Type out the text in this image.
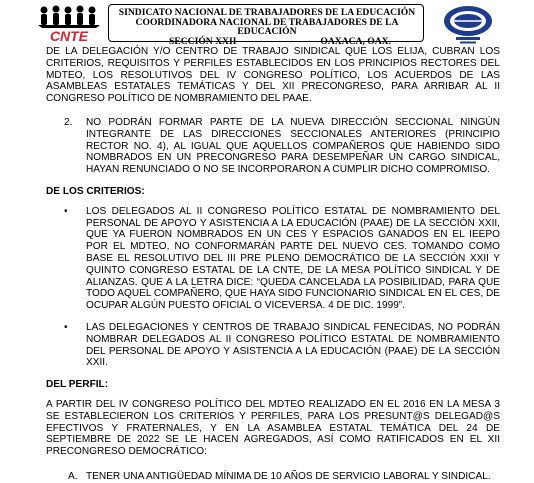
CNTE
SINDICATO NACIONAL DE TRABAJADORES DE LA EDUCACIÓN
COORDINADORA NACIONAL DE TRABAJADORES DE LA EDUCACIÓN
SECCIÓN XXII	OAXACA, OAX.

DE LA DELEGACIÓN Y/O CENTRO DE TRABAJO SINDICAL QUE LOS ELIJA, CUBRAN LOS CRITERIOS, REQUISITOS Y PERFILES ESTABLECIDOS EN LOS PRINCIPIOS RECTORES DEL MDTEO, LOS RESOLUTIVOS DEL IV CONGRESO POLÍTICO, LOS ACUERDOS DE LAS ASAMBLEAS ESTATALES TEMÁTICAS Y DEL XII PRECONGRESO, PARA ARRIBAR AL II CONGRESO POLÍTICO DE NOMBRAMIENTO DEL PAAE.

2. NO PODRÁN FORMAR PARTE DE LA NUEVA DIRECCIÓN SECCIONAL NINGÚN INTEGRANTE DE LAS DIRECCIONES SECCIONALES ANTERIORES (PRINCIPIO RECTOR NO. 4), AL IGUAL QUE AQUELLOS COMPAÑEROS QUE HABIENDO SIDO NOMBRADOS EN UN PRECONGRESO PARA DESEMPEÑAR UN CARGO SINDICAL, HAYAN RENUNCIADO O NO SE INCORPORARON A CUMPLIR DICHO COMPROMISO.

DE LOS CRITERIOS:
• LOS DELEGADOS AL II CONGRESO POLÍTICO ESTATAL DE NOMBRAMIENTO DEL PERSONAL DE APOYO Y ASISTENCIA A LA EDUCACIÓN (PAAE) DE LA SECCIÓN XXII, QUE YA FUERON NOMBRADOS EN UN CES Y ESPACIOS GANADOS EN EL IEEPO POR EL MDTEO, NO CONFORMARÁN PARTE DEL NUEVO CES. TOMANDO COMO BASE EL RESOLUTIVO DEL III PRE PLENO DEMOCRÁTICO DE LA SECCIÓN XXII Y QUINTO CONGRESO ESTATAL DE LA CNTE, DE LA MESA POLÍTICO SINDICAL Y DE ALIANZAS. QUE A LA LETRA DICE: “QUEDA CANCELADA LA POSIBILIDAD, PARA QUE TODO AQUEL COMPAÑERO, QUE HAYA SIDO FUNCIONARIO SINDICAL EN EL CES, DE OCUPAR ALGÚN PUESTO OFICIAL O VICEVERSA. 4 DE DIC. 1999”.

• LAS DELEGACIONES Y CENTROS DE TRABAJO SINDICAL FENECIDAS, NO PODRÁN NOMBRAR DELEGADOS AL II CONGRESO POLÍTICO ESTATAL DE NOMBRAMIENTO DEL PERSONAL DE APOYO Y ASISTENCIA A LA EDUCACIÓN (PAAE) DE LA SECCIÓN XXII.

DEL PERFIL:

A PARTIR DEL IV CONGRESO POLÍTICO DEL MDTEO REALIZADO EN EL 2016 EN LA MESA 3 SE ESTABLECIERON LOS CRITERIOS Y PERFILES, PARA LOS PRESUNT@S DELEGAD@S EFECTIVOS Y FRATERNALES, Y EN LA ASAMBLEA ESTATAL TEMÁTICA DEL 24 DE SEPTIEMBRE DE 2022 SE LE HACEN AGREGADOS, ASÍ COMO RATIFICADOS EN EL XII PRECONGRESO DEMOCRÁTICO:

A. TENER UNA ANTIGÜEDAD MÍNIMA DE 10 AÑOS DE SERVICIO LABORAL Y SINDICAL.
